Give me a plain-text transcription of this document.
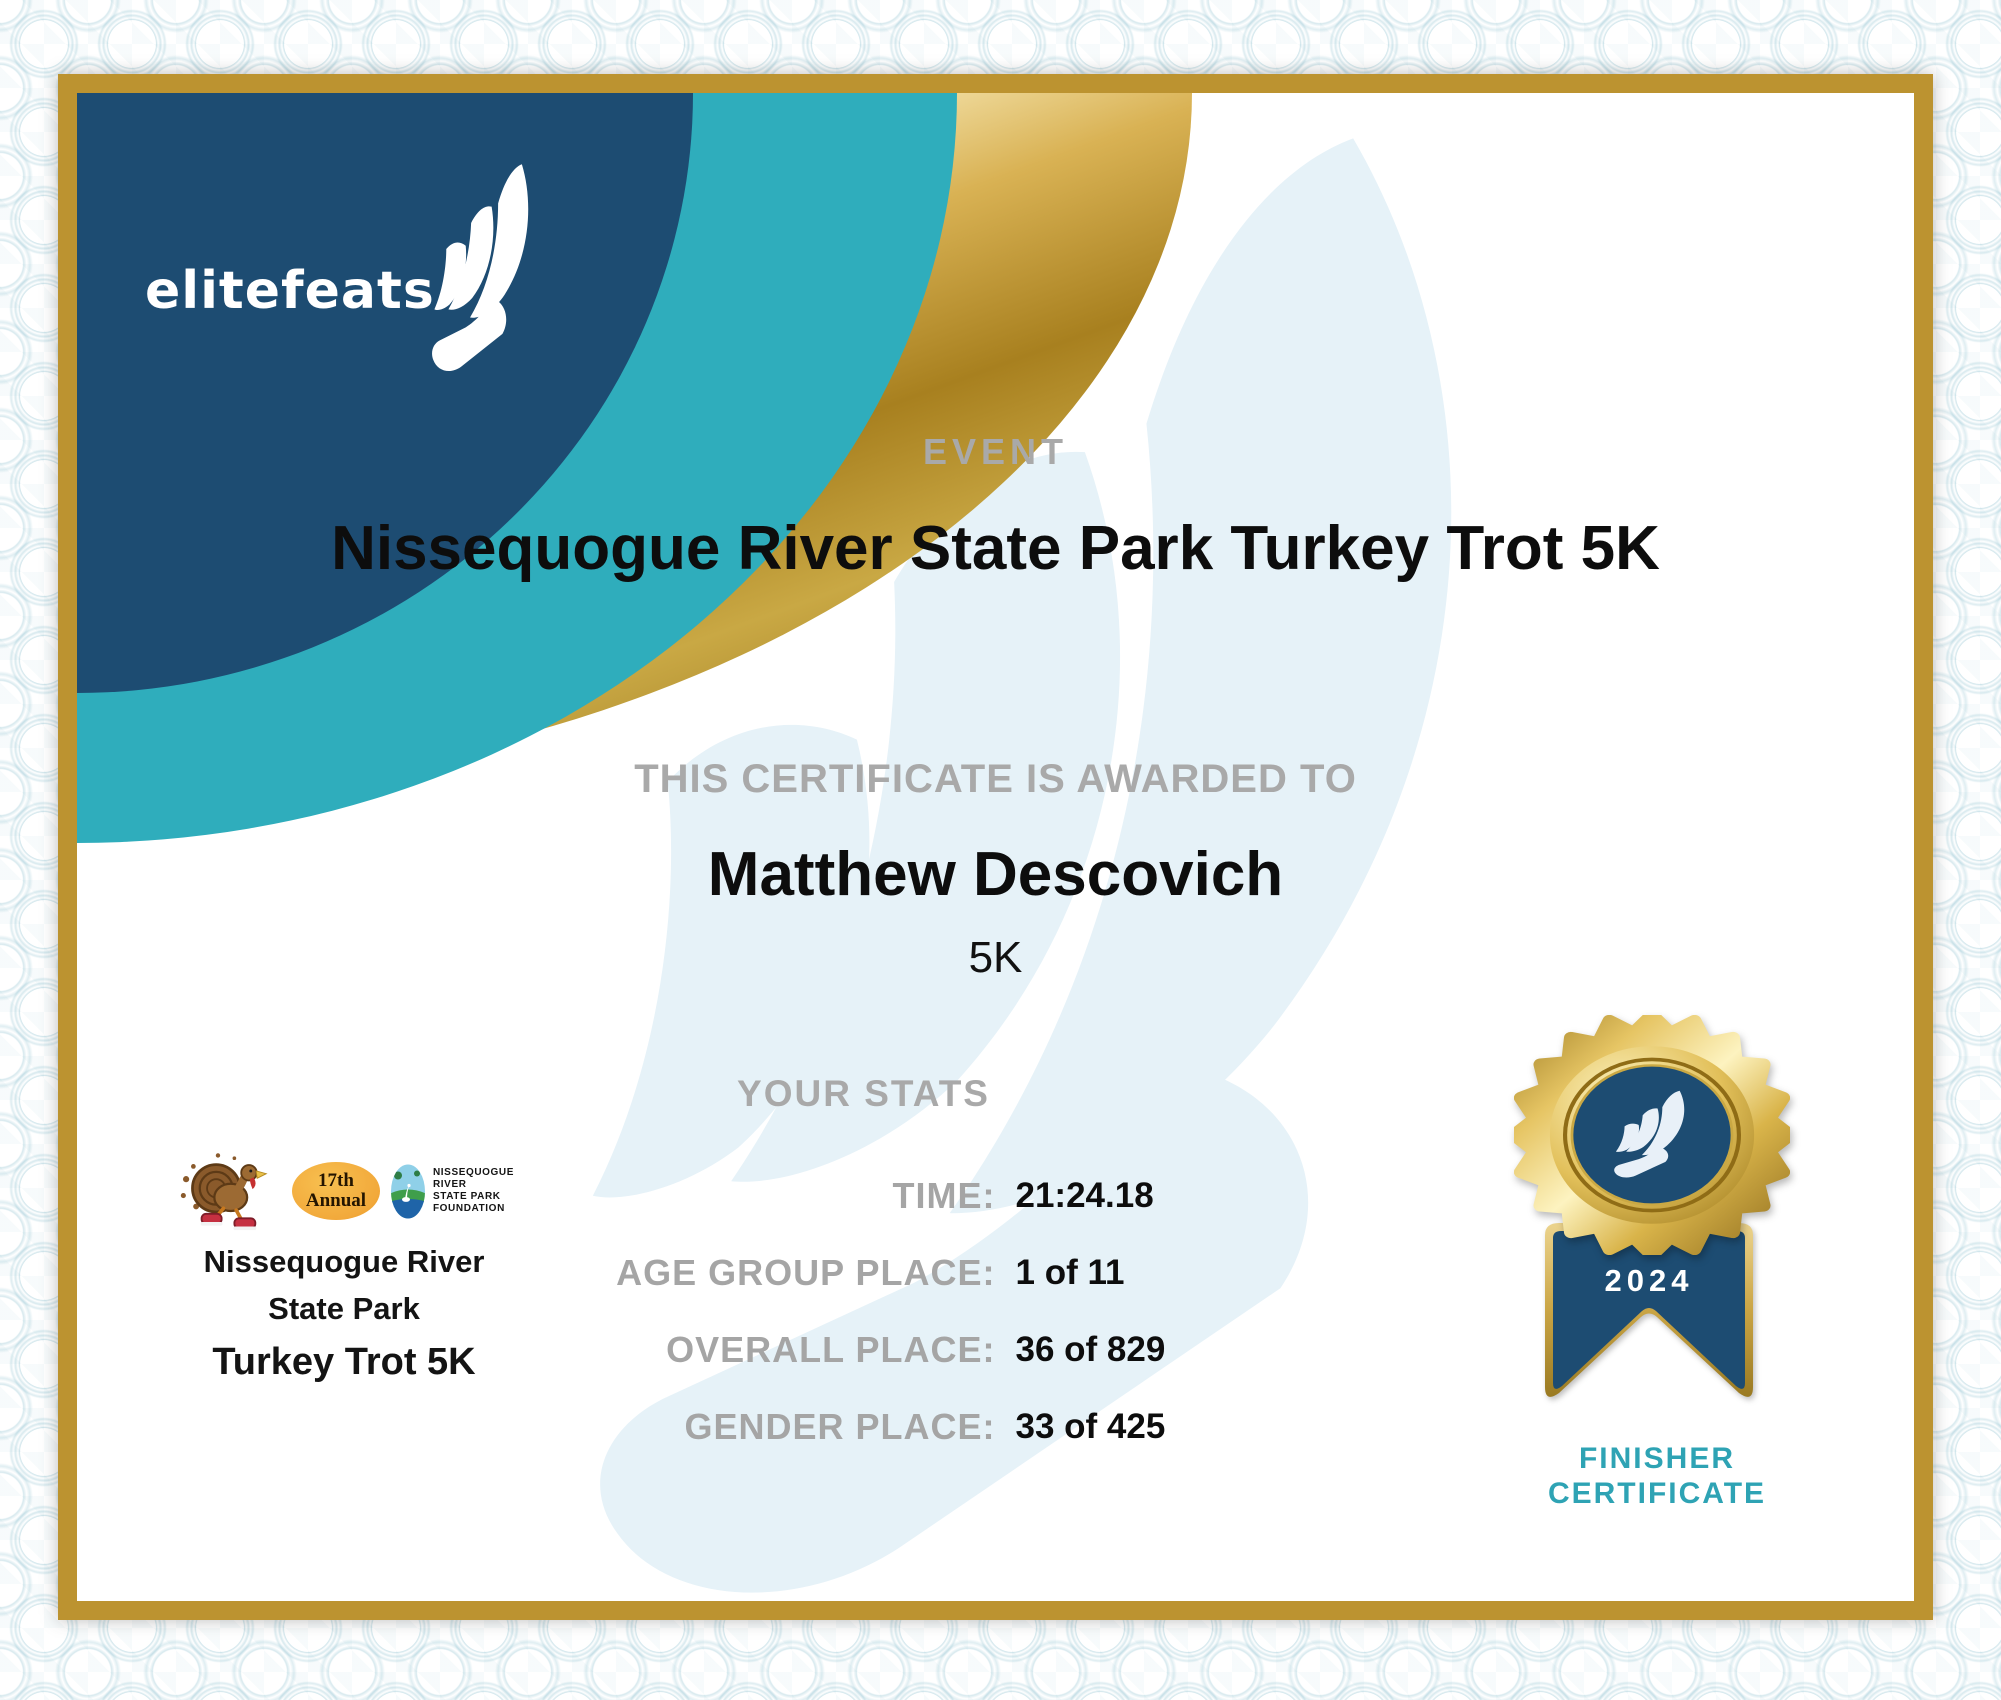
elitefeats
EVENT
Nissequogue River State Park Turkey Trot 5K
THIS CERTIFICATE IS AWARDED TO
Matthew Descovich
5K
YOUR STATS
TIME: 21:24.18
AGE GROUP PLACE: 1 of 11
OVERALL PLACE: 36 of 829
GENDER PLACE: 33 of 425
17th
Annual
NISSEQUOGUE
RIVER
STATE PARK
FOUNDATION
Nissequogue River
State Park
Turkey Trot 5K
2024
FINISHER
CERTIFICATE
